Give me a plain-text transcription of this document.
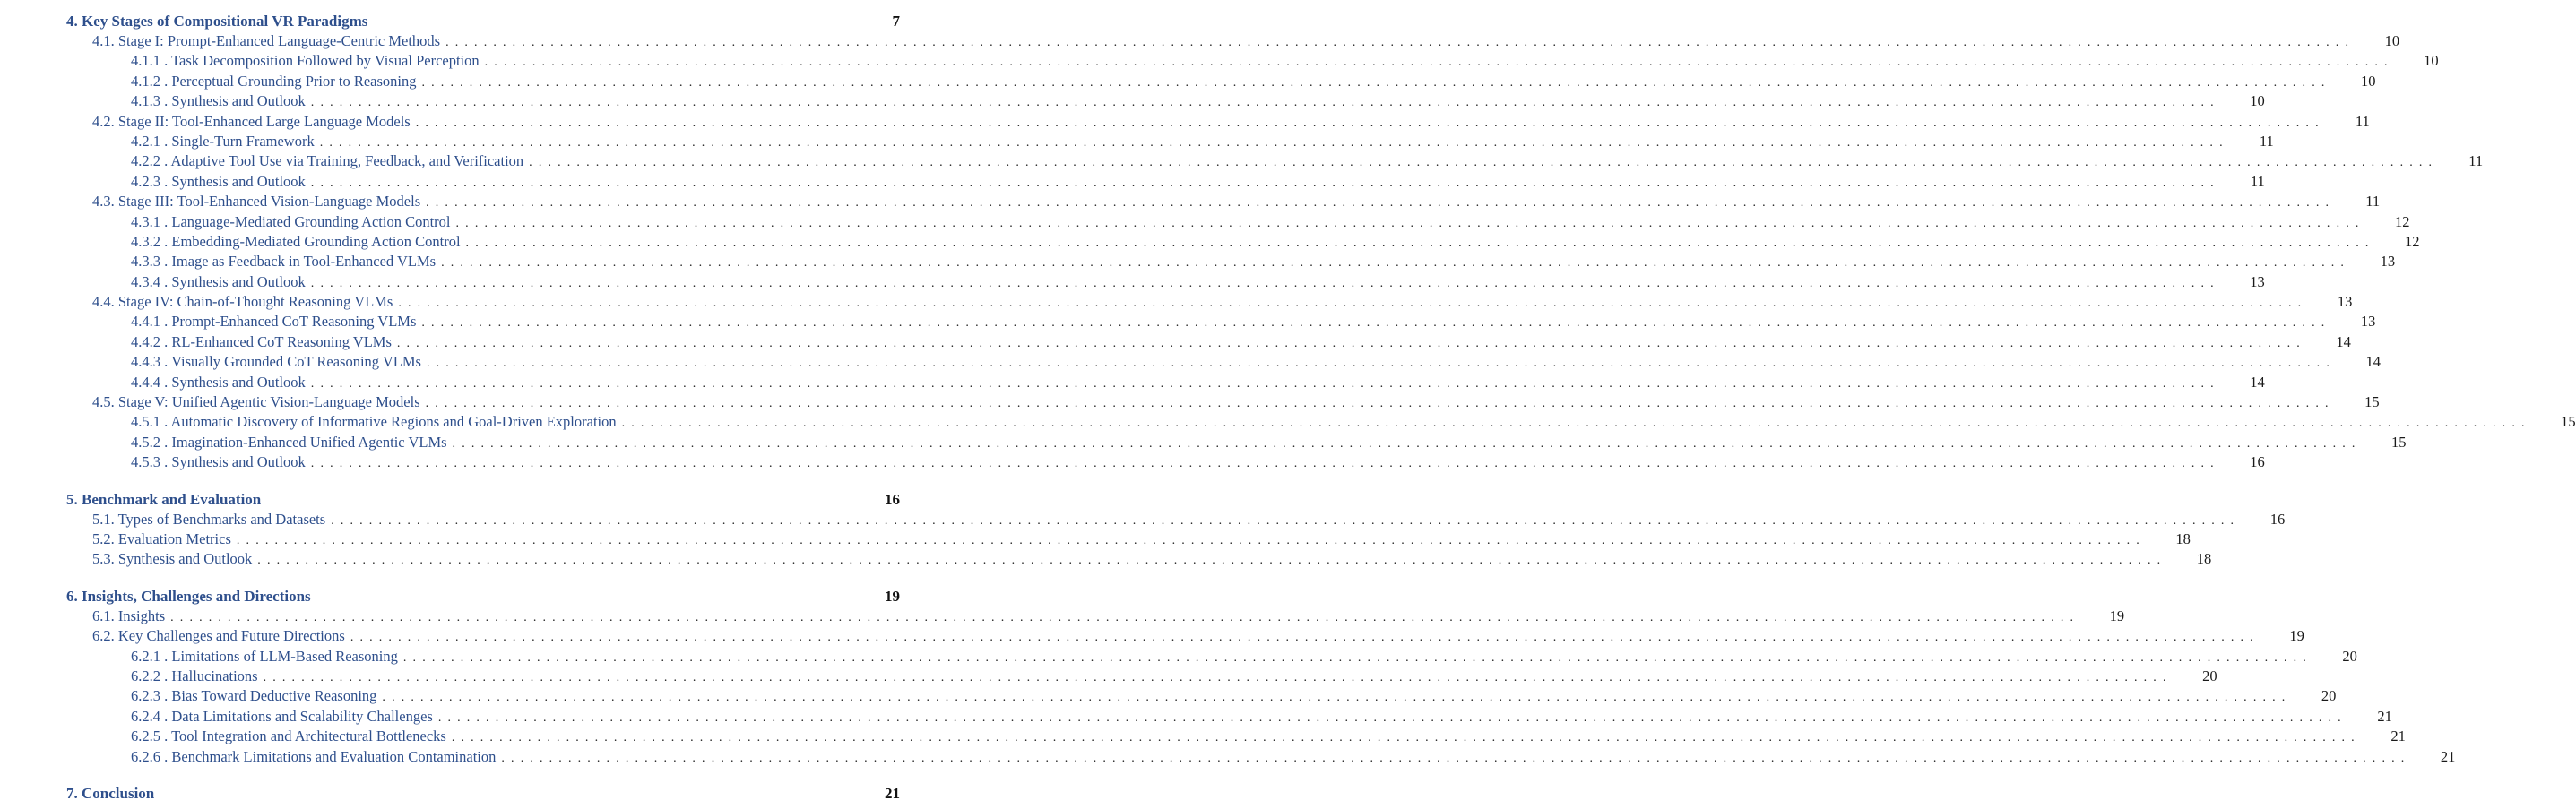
4. Key Stages of Compositional VR Paradigms	7
4.1. Stage I: Prompt-Enhanced Language-Centric Methods ........................................................................................................................................................................................................	10
4.1.1 . Task Decomposition Followed by Visual Perception ........................................................................................................................................................................................................	10
4.1.2 . Perceptual Grounding Prior to Reasoning ........................................................................................................................................................................................................	10
4.1.3 . Synthesis and Outlook ........................................................................................................................................................................................................	10
4.2. Stage II: Tool-Enhanced Large Language Models ........................................................................................................................................................................................................	11
4.2.1 . Single-Turn Framework ........................................................................................................................................................................................................	11
4.2.2 . Adaptive Tool Use via Training, Feedback, and Verification ........................................................................................................................................................................................................	11
4.2.3 . Synthesis and Outlook ........................................................................................................................................................................................................	11
4.3. Stage III: Tool-Enhanced Vision-Language Models ........................................................................................................................................................................................................	11
4.3.1 . Language-Mediated Grounding Action Control ........................................................................................................................................................................................................	12
4.3.2 . Embedding-Mediated Grounding Action Control ........................................................................................................................................................................................................	12
4.3.3 . Image as Feedback in Tool-Enhanced VLMs ........................................................................................................................................................................................................	13
4.3.4 . Synthesis and Outlook ........................................................................................................................................................................................................	13
4.4. Stage IV: Chain-of-Thought Reasoning VLMs ........................................................................................................................................................................................................	13
4.4.1 . Prompt-Enhanced CoT Reasoning VLMs ........................................................................................................................................................................................................	13
4.4.2 . RL-Enhanced CoT Reasoning VLMs ........................................................................................................................................................................................................	14
4.4.3 . Visually Grounded CoT Reasoning VLMs ........................................................................................................................................................................................................	14
4.4.4 . Synthesis and Outlook ........................................................................................................................................................................................................	14
4.5. Stage V: Unified Agentic Vision-Language Models ........................................................................................................................................................................................................	15
4.5.1 . Automatic Discovery of Informative Regions and Goal-Driven Exploration ........................................................................................................................................................................................................	15
4.5.2 . Imagination-Enhanced Unified Agentic VLMs ........................................................................................................................................................................................................	15
4.5.3 . Synthesis and Outlook ........................................................................................................................................................................................................	16
5. Benchmark and Evaluation	16
5.1. Types of Benchmarks and Datasets ........................................................................................................................................................................................................	16
5.2. Evaluation Metrics ........................................................................................................................................................................................................	18
5.3. Synthesis and Outlook ........................................................................................................................................................................................................	18
6. Insights, Challenges and Directions	19
6.1. Insights ........................................................................................................................................................................................................	19
6.2. Key Challenges and Future Directions ........................................................................................................................................................................................................	19
6.2.1 . Limitations of LLM-Based Reasoning ........................................................................................................................................................................................................	20
6.2.2 . Hallucinations ........................................................................................................................................................................................................	20
6.2.3 . Bias Toward Deductive Reasoning ........................................................................................................................................................................................................	20
6.2.4 . Data Limitations and Scalability Challenges ........................................................................................................................................................................................................	21
6.2.5 . Tool Integration and Architectural Bottlenecks ........................................................................................................................................................................................................	21
6.2.6 . Benchmark Limitations and Evaluation Contamination ........................................................................................................................................................................................................	21
7. Conclusion	21
